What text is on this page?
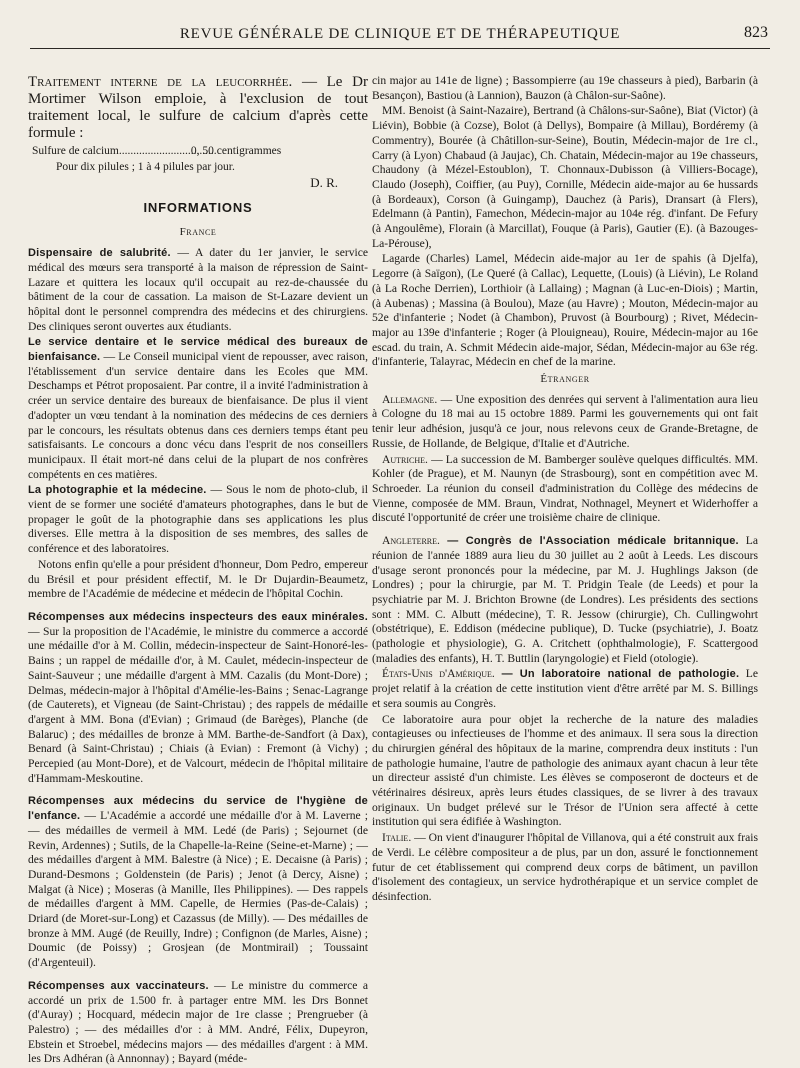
REVUE GÉNÉRALE DE CLINIQUE ET DE THÉRAPEUTIQUE	823

Traitement interne de la leucorrhée. — Le Dr Mortimer Wilson emploie, à l'exclusion de tout traitement local, le sulfure de calcium d'après cette formule :

Sulfure de calcium..................................0, 50 centigrammes
Pour dix pilules ; 1 à 4 pilules par jour.
D. R.
INFORMATIONS
France

Dispensaire de salubrité. — A dater du 1er janvier, le service médical des mœurs sera transporté à la maison de répression de Saint-Lazare et quittera les locaux qu'il occupait au rez-de-chaussée du bâtiment de la cour de cassation. La maison de St-Lazare devient un hôpital dont le personnel comprendra des médecins et des chirurgiens. Des cliniques seront ouvertes aux étudiants.

Le service dentaire et le service médical des bureaux de bienfaisance. — Le Conseil municipal vient de repousser, avec raison, l'établissement d'un service dentaire dans les Ecoles que MM. Deschamps et Pétrot proposaient. Par contre, il a invité l'administration à créer un service dentaire des bureaux de bienfaisance. De plus il vient d'adopter un vœu tendant à la nomination des médecins de ces derniers par le concours, les résultats obtenus dans ces derniers temps étant peu satisfaisants. Le concours a donc vécu dans l'esprit de nos conseillers municipaux. Il était mort-né dans celui de la plupart de nos confrères compétents en ces matières.

La photographie et la médecine. — Sous le nom de photo-club, il vient de se former une société d'amateurs photographes, dans le but de propager le goût de la photographie dans ses applications les plus diverses. Elle mettra à la disposition de ses membres, des salles de conférence et des laboratoires.

Notons enfin qu'elle a pour président d'honneur, Dom Pedro, empereur du Brésil et pour président effectif, M. le Dr Dujardin-Beaumetz, membre de l'Académie de médecine et médecin de l'hôpital Cochin.

Récompenses aux médecins inspecteurs des eaux minérales. — Sur la proposition de l'Académie, le ministre du commerce a accordé une médaille d'or à M. Collin, médecin-inspecteur de Saint-Honoré-les-Bains ; un rappel de médaille d'or, à M. Caulet, médecin-inspecteur de Saint-Sauveur ; une médaille d'argent à MM. Cazalis (du Mont-Dore) ; Delmas, médecin-major à l'hôpital d'Amélie-les-Bains ; Senac-Lagrange (de Cauterets), et Vigneau (de Saint-Christau) ; des rappels de médaille d'argent à MM. Bona (d'Evian) ; Grimaud (de Barèges), Planche (de Balaruc) ; des médailles de bronze à MM. Barthe-de-Sandfort (à Dax), Benard (à Saint-Christau) ; Chiais (à Evian) : Fremont (à Vichy) ; Percepied (au Mont-Dore), et de Valcourt, médecin de l'hôpital militaire d'Hammam-Meskoutine.

Récompenses aux médecins du service de l'hygiène de l'enfance. — L'Académie a accordé une médaille d'or à M. Laverne ; — des médailles de vermeil à MM. Ledé (de Paris) ; Sejournet (de Revin, Ardennes) ; Sutils, de la Chapelle-la-Reine (Seine-et-Marne) ; — des médailles d'argent à MM. Balestre (à Nice) ; E. Decaisne (à Paris) ; Durand-Desmons ; Goldenstein (de Paris) ; Jenot (à Dercy, Aisne) ; Malgat (à Nice) ; Moseras (à Manille, Iles Philippines). — Des rappels de médailles d'argent à MM. Capelle, de Hermies (Pas-de-Calais) ; Driard (de Moret-sur-Long) et Cazassus (de Milly). — Des médailles de bronze à MM. Augé (de Reuilly, Indre) ; Confignon (de Marles, Aisne) ; Doumic (de Poissy) ; Grosjean (de Montmirail) ; Toussaint (d'Argenteuil).

Récompenses aux vaccinateurs. — Le ministre du commerce a accordé un prix de 1.500 fr. à partager entre MM. les Drs Bonnet (d'Auray) ; Hocquard, médecin major de 1re classe ; Prengrueber (à Palestro) ; — des médailles d'or : à MM. André, Félix, Dupeyron, Ebstein et Stroebel, médecins majors — des médailles d'argent : à MM. les Drs Adhéran (à Annonnay) ; Bayard (méde-

cin major au 141e de ligne) ; Bassompierre (au 19e chasseurs à pied), Barbarin (à Besançon), Bastiou (à Lannion), Bauzon (à Châlon-sur-Saône).

MM. Benoist (à Saint-Nazaire), Bertrand (à Châlons-sur-Saône), Biat (Victor) (à Liévin), Bobbie (à Cozse), Bolot (à Dellys), Bompaire (à Millau), Bordéremy (à Commentry), Bourée (à Châtillon-sur-Seine), Boutin, Médecin-major de 1re cl., Carry (à Lyon) Chabaud (à Jaujac), Ch. Chatain, Médecin-major au 19e chasseurs, Chaudony (à Mézel-Estoublon), T. Chonnaux-Dubisson (à Villiers-Bocage), Claudo (Joseph), Coiffier, (au Puy), Cornille, Médecin aide-major au 6e hussards (à Bordeaux), Corson (à Guingamp), Dauchez (à Paris), Dransart (à Flers), Edelmann (à Pantin), Famechon, Médecin-major au 104e rég. d'infant. De Fefury (à Angoulême), Florain (à Marcillat), Fouque (à Paris), Gautier (E). (à Bazouges-La-Pérouse),

Lagarde (Charles) Lamel, Médecin aide-major au 1er de spahis (à Djelfa), Legorre (à Saïgon), (Le Queré (à Callac), Lequette, (Louis) (à Liévin), Le Roland (à La Roche Derrien), Lorthioir (à Lallaing) ; Magnan (à Luc-en-Diois) ; Martin, (à Aubenas) ; Massina (à Boulou), Maze (au Havre) ; Mouton, Médecin-major au 52e d'infanterie ; Nodet (à Chambon), Pruvost (à Bourbourg) ; Rivet, Médecin-major au 139e d'infanterie ; Roger (à Plouigneau), Rouire, Médecin-major au 16e escad. du train, A. Schmit Médecin aide-major, Sédan, Médecin-major au 63e rég. d'infanterie, Talayrac, Médecin en chef de la marine.

Étranger

Allemagne. — Une exposition des denrées qui servent à l'alimentation aura lieu à Cologne du 18 mai au 15 octobre 1889. Parmi les gouvernements qui ont fait tenir leur adhésion, jusqu'à ce jour, nous relevons ceux de Grande-Bretagne, de Russie, de Hollande, de Belgique, d'Italie et d'Autriche.

Autriche. — La succession de M. Bamberger soulève quelques difficultés. MM. Kohler (de Prague), et M. Naunyn (de Strasbourg), sont en compétition avec M. Schroeder. La réunion du conseil d'administration du Collège des médecins de Vienne, composée de MM. Braun, Vindrat, Nothnagel, Meynert et Widerhoffer a discuté l'opportunité de créer une troisième chaire de clinique.

Angleterre. — Congrès de l'Association médicale britannique. La réunion de l'année 1889 aura lieu du 30 juillet au 2 août à Leeds. Les discours d'usage seront prononcés pour la médecine, par M. J. Hughlings Jakson (de Londres) ; pour la chirurgie, par M. T. Pridgin Teale (de Leeds) et pour la psychiatrie par M. J. Brichton Browne (de Londres). Les présidents des sections sont : MM. C. Albutt (médecine), T. R. Jessow (chirurgie), Ch. Cullingwohrt (obstétrique), E. Eddison (médecine publique), D. Tucke (psychiatrie), J. Boatz (pathologie et physiologie), G. A. Critchett (ophthalmologie), F. Scattergood (maladies des enfants), H. T. Buttlin (laryngologie) et Field (otologie).

États-Unis d'Amérique. — Un laboratoire national de pathologie. Le projet relatif à la création de cette institution vient d'être arrêté par M. S. Billings et sera soumis au Congrès.

Ce laboratoire aura pour objet la recherche de la nature des maladies contagieuses ou infectieuses de l'homme et des animaux. Il sera sous la direction du chirurgien général des hôpitaux de la marine, comprendra deux instituts : l'un de pathologie humaine, l'autre de pathologie des animaux ayant chacun à leur tête un directeur assisté d'un chimiste. Les élèves se composeront de docteurs et de vétérinaires désireux, après leurs études classiques, de se livrer à des travaux originaux. Un budget prélevé sur le Trésor de l'Union sera affecté à cette institution qui sera édifiée à Washington.

Italie. — On vient d'inaugurer l'hôpital de Villanova, qui a été construit aux frais de Verdi. Le célèbre compositeur a de plus, par un don, assuré le fonctionnement futur de cet établissement qui comprend deux corps de bâtiment, un pavillon d'isolement des contagieux, un service hydrothérapique et un service complet de désinfection.
